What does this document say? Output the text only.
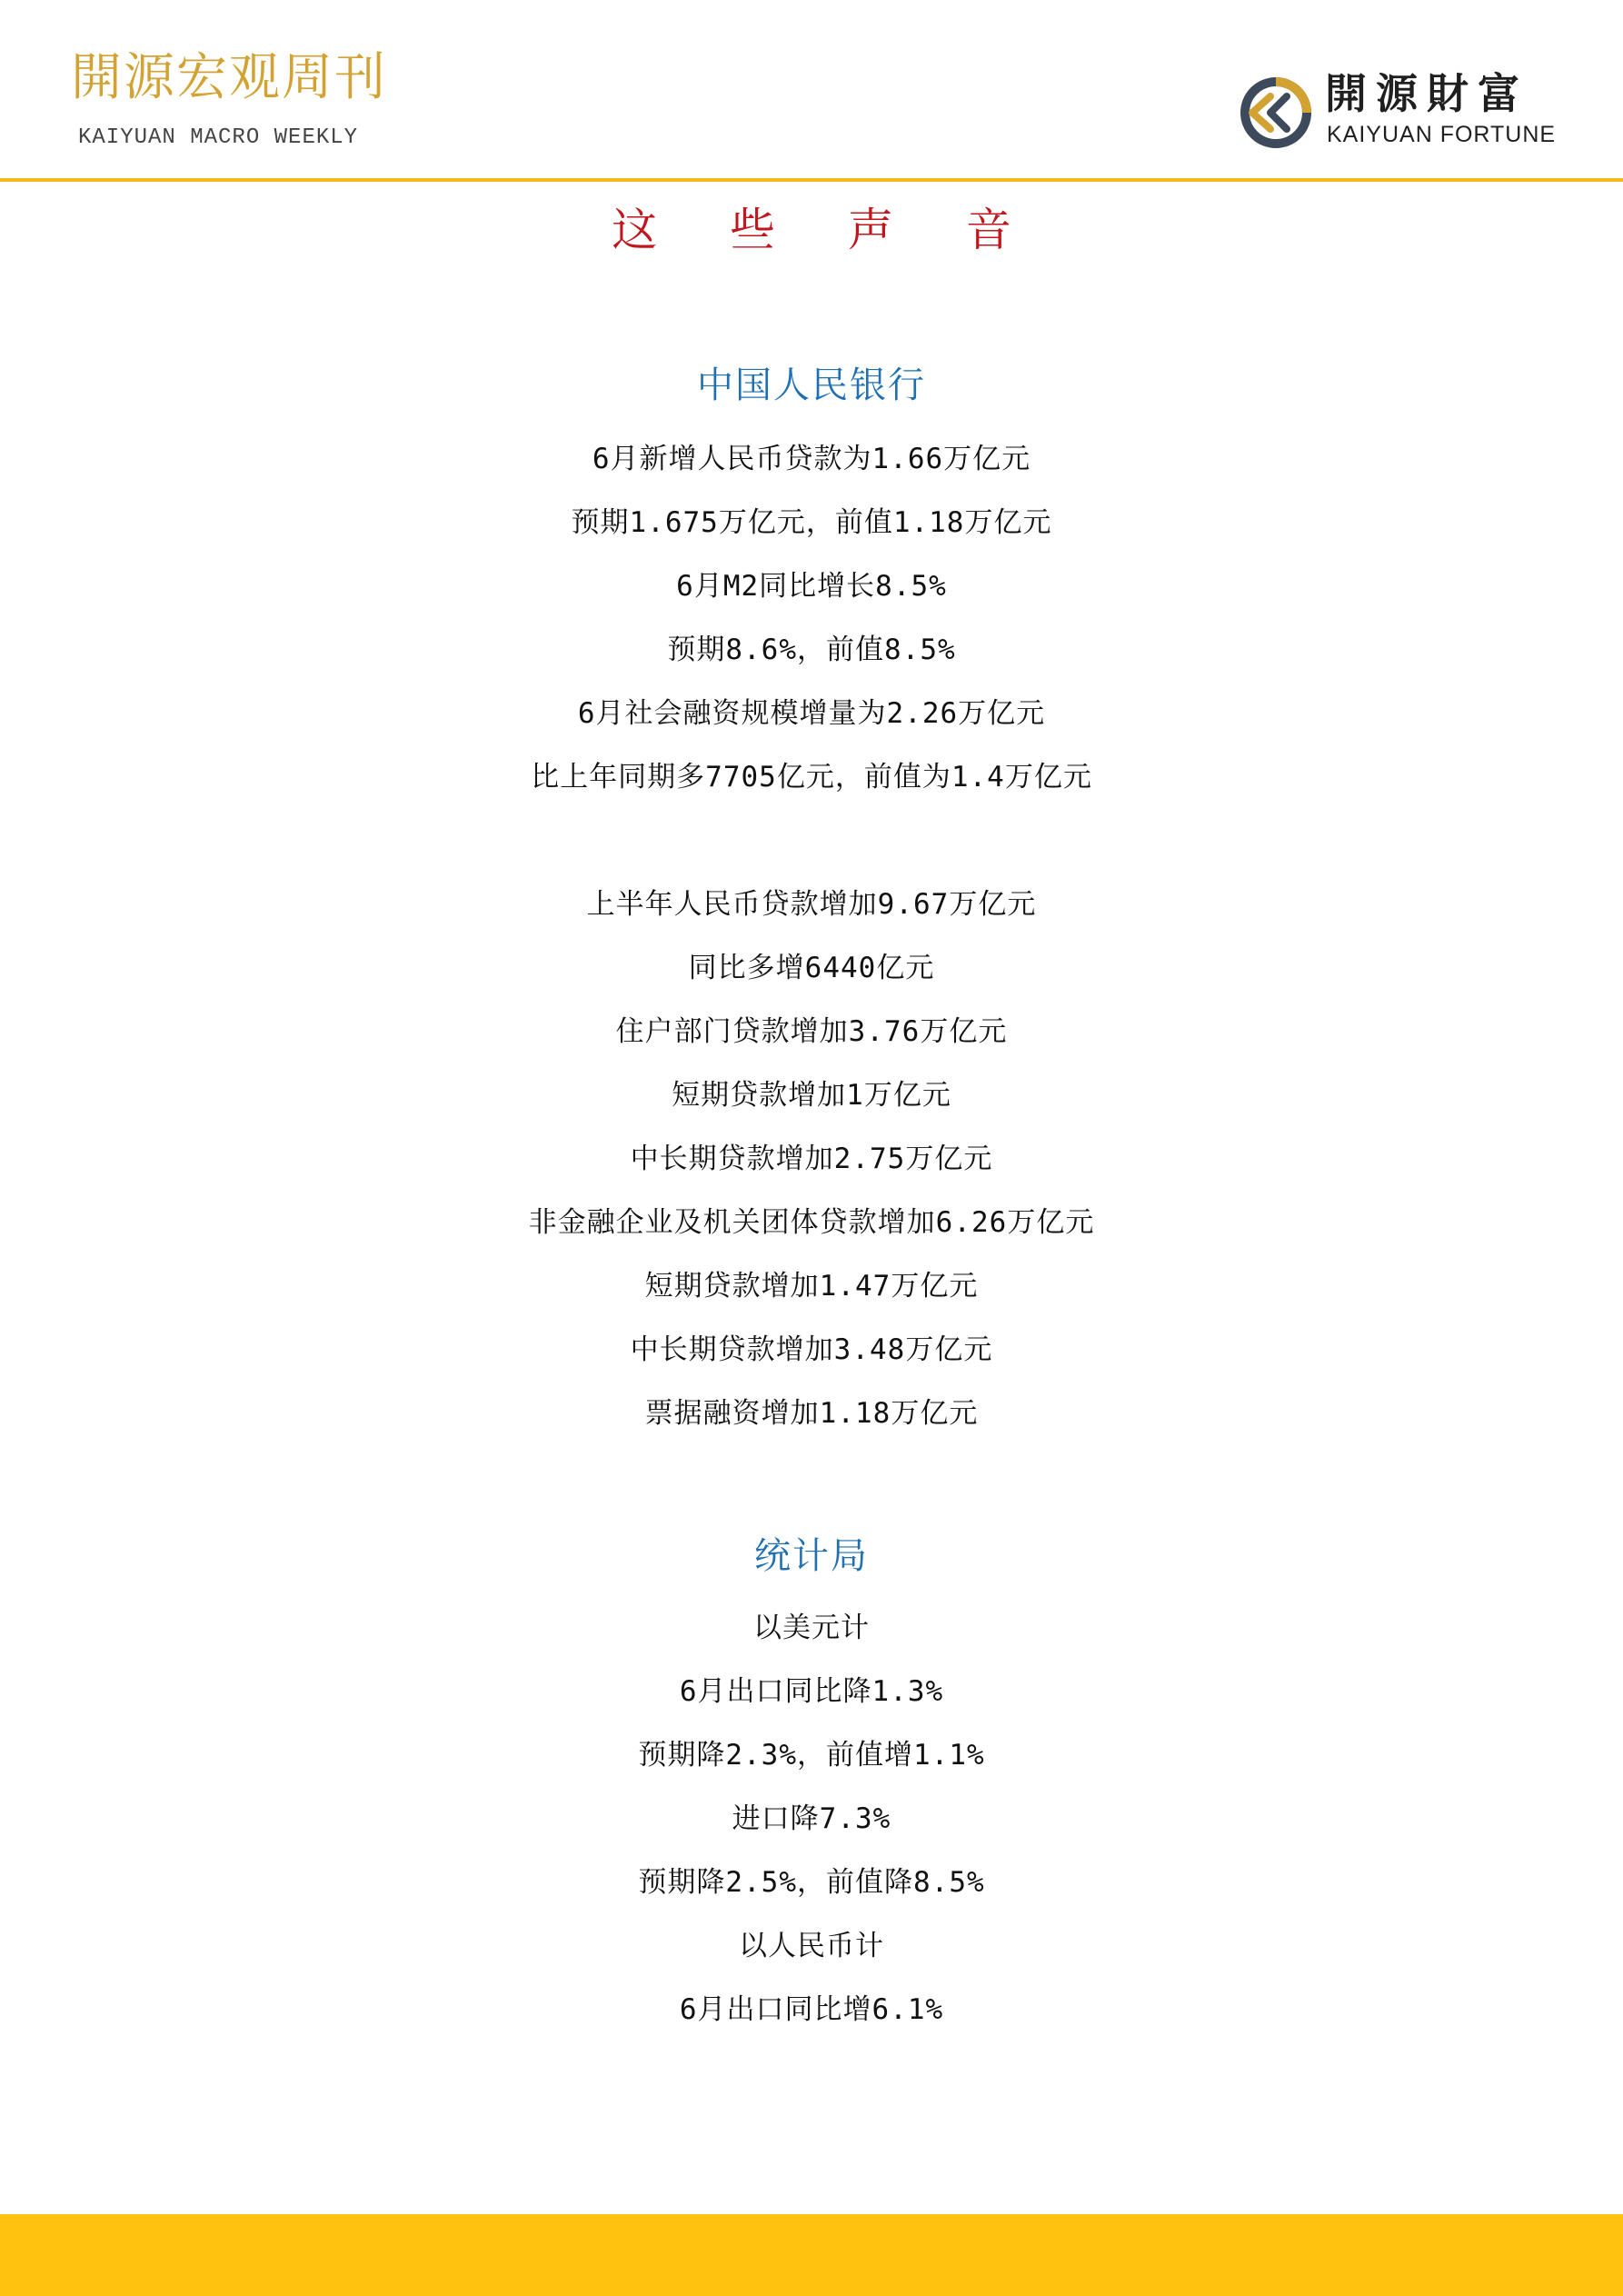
開源宏观周刊
KAIYUAN MACRO WEEKLY
開源財富
KAIYUAN FORTUNE
这 些 声 音
中国人民银行
6月新增人民币贷款为1.66万亿元
预期1.675万亿元，前值1.18万亿元
6月M2同比增长8.5%
预期8.6%，前值8.5%
6月社会融资规模增量为2.26万亿元
比上年同期多7705亿元，前值为1.4万亿元
上半年人民币贷款增加9.67万亿元
同比多增6440亿元
住户部门贷款增加3.76万亿元
短期贷款增加1万亿元
中长期贷款增加2.75万亿元
非金融企业及机关团体贷款增加6.26万亿元
短期贷款增加1.47万亿元
中长期贷款增加3.48万亿元
票据融资增加1.18万亿元
统计局
以美元计
6月出口同比降1.3%
预期降2.3%，前值增1.1%
进口降7.3%
预期降2.5%，前值降8.5%
以人民币计
6月出口同比增6.1%
